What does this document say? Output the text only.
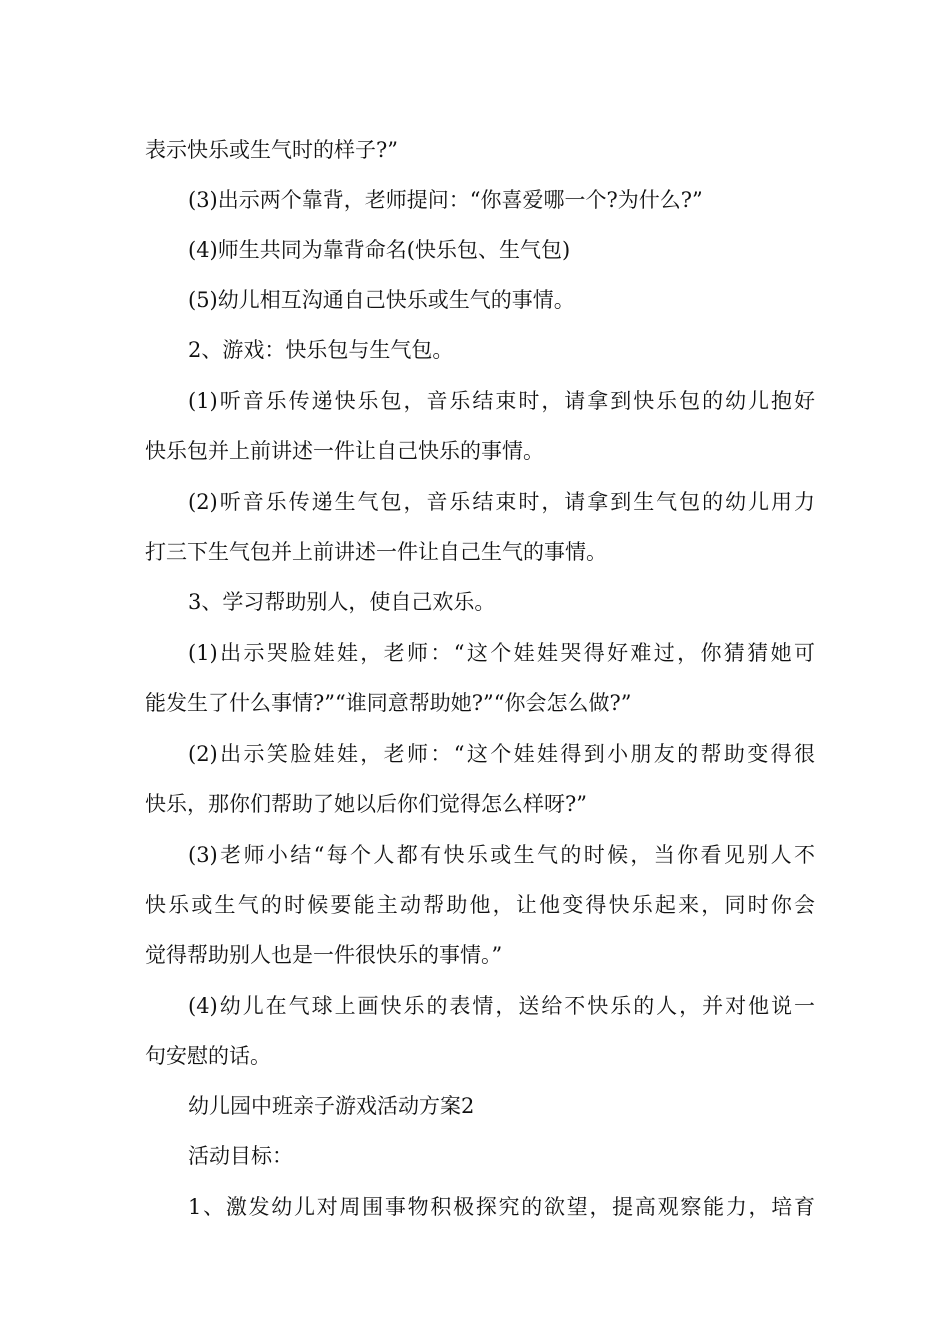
表示快乐或生气时的样子?”
(3)出示两个靠背，老师提问：“你喜爱哪一个?为什么?”
(4)师生共同为靠背命名(快乐包、生气包)
(5)幼儿相互沟通自己快乐或生气的事情。
2、游戏：快乐包与生气包。
(1)听音乐传递快乐包，音乐结束时，请拿到快乐包的幼儿抱好
快乐包并上前讲述一件让自己快乐的事情。
(2)听音乐传递生气包，音乐结束时，请拿到生气包的幼儿用力
打三下生气包并上前讲述一件让自己生气的事情。
3、学习帮助别人，使自己欢乐。
(1)出示哭脸娃娃，老师：“这个娃娃哭得好难过，你猜猜她可
能发生了什么事情?”“谁同意帮助她?”“你会怎么做?”
(2)出示笑脸娃娃，老师：“这个娃娃得到小朋友的帮助变得很
快乐，那你们帮助了她以后你们觉得怎么样呀?”
(3)老师小结“每个人都有快乐或生气的时候，当你看见别人不
快乐或生气的时候要能主动帮助他，让他变得快乐起来，同时你会
觉得帮助别人也是一件很快乐的事情。”
(4)幼儿在气球上画快乐的表情，送给不快乐的人，并对他说一
句安慰的话。
幼儿园中班亲子游戏活动方案2
活动目标：
1、激发幼儿对周围事物积极探究的欲望，提高观察能力，培育
